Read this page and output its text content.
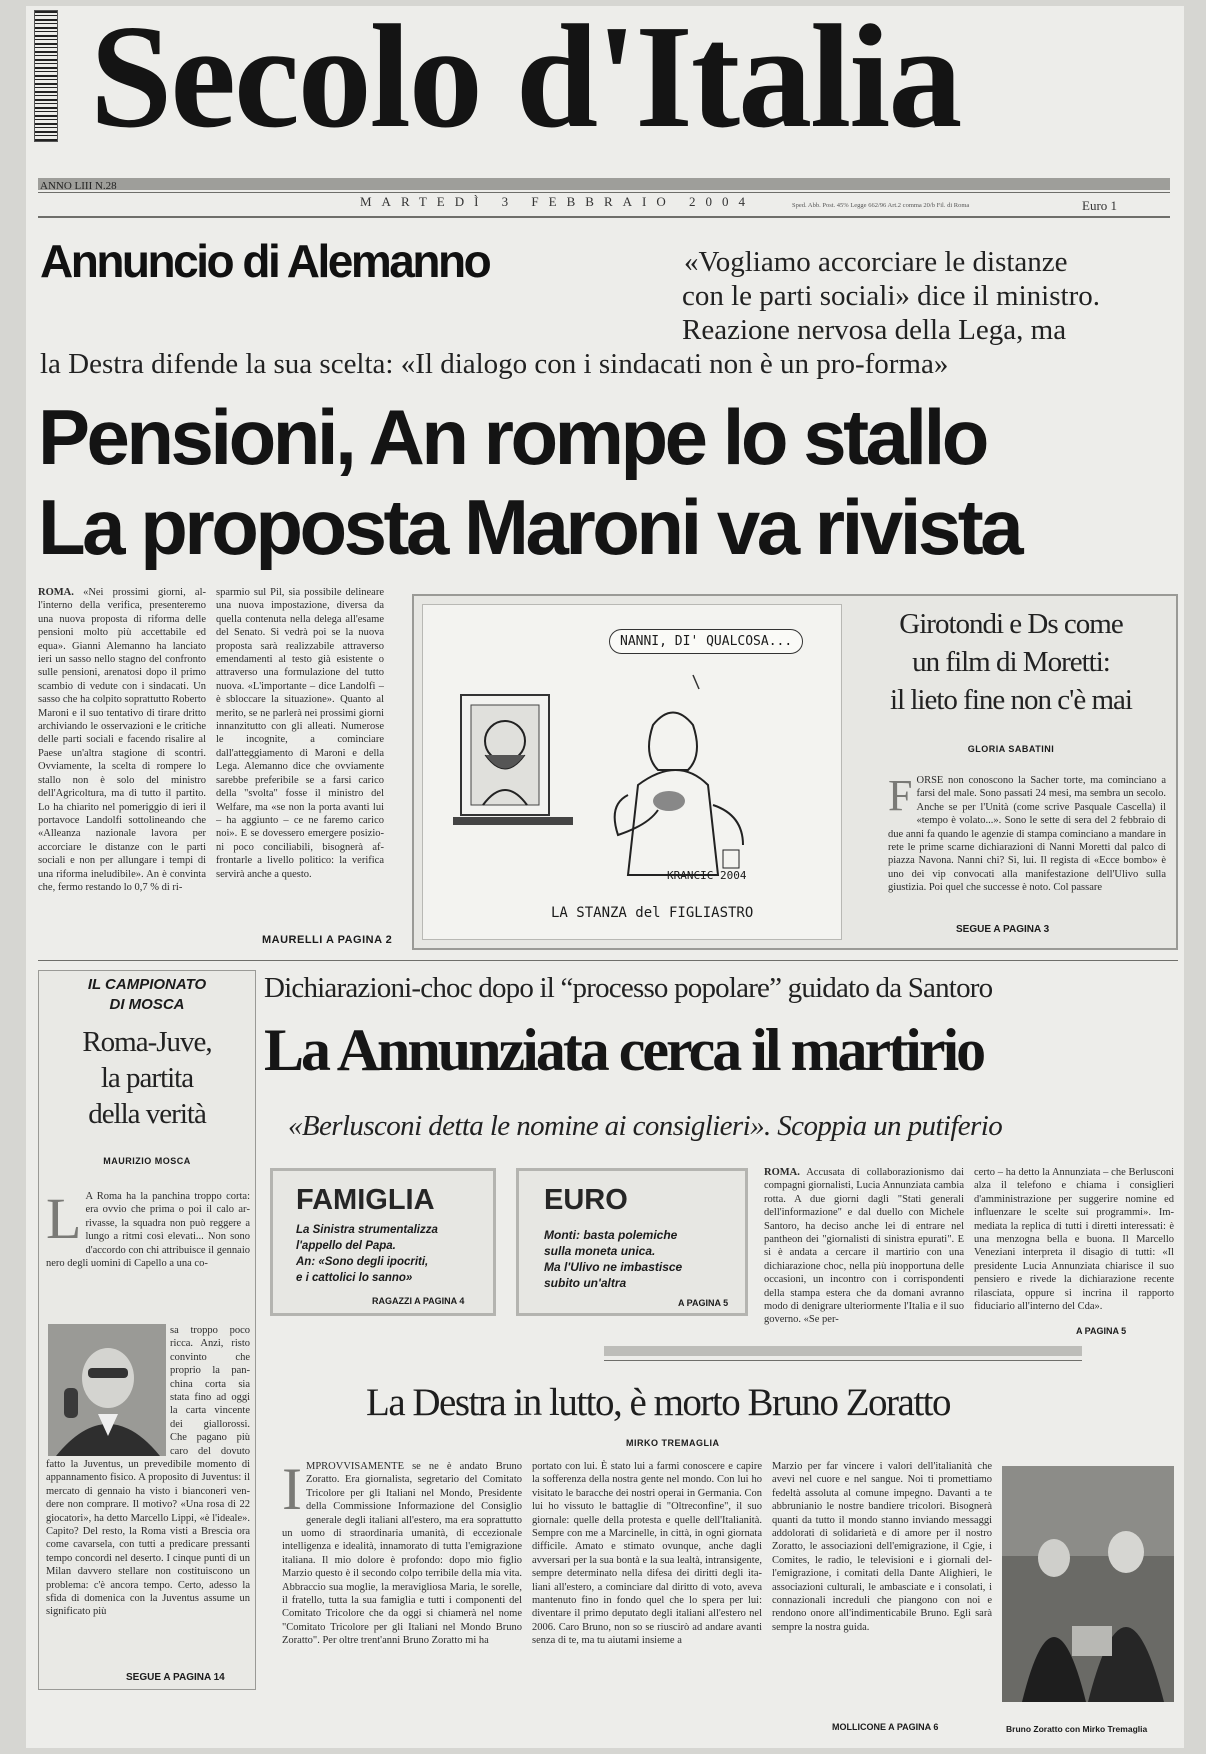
Secolo d'Italia
ANNO LIII N.28
MARTEDÌ 3 FEBBRAIO 2004	Sped. Abb. Post. 45% Legge 662/96 Art.2 comma 20/b Fil. di Roma	Euro 1
Annuncio di Alemanno	«Vogliamo accorciare le distanze
con le parti sociali» dice il ministro.
Reazione nervosa della Lega, ma
la Destra difende la sua scelta: «Il dialogo con i sindacati non è un pro-forma»
Pensioni, An rompe lo stallo
La proposta Maroni va rivista
ROMA. «Nei prossimi giorni, all'interno della verifica, presenteremo una nuova proposta di riforma delle pensioni molto più accettabile ed equa». Gianni Alemanno ha lanciato ieri un sasso nello stagno del confronto sulle pensioni, arenatosi dopo il primo scambio di vedute con i sindacati. Un sasso che ha colpito soprattutto Roberto Maroni e il suo tentativo di tirare dritto archiviando le osservazioni e le critiche delle parti sociali e facendo risalire al Paese un'altra stagione di scontri. Ovviamente, la scelta di rompere lo stallo non è solo del ministro dell'Agricoltura, ma di tutto il partito. Lo ha chiarito nel pomeriggio di ieri il portavoce Landolfi sottolineando che «Alleanza nazionale lavora per accorciare le distanze con le parti sociali e non per allungare i tempi di una riforma ineludibile». An è convinta che, fermo restando lo 0,7 % di ri-
sparmio sul Pil, sia possibile delineare una nuova impostazione, diversa da quella contenuta nella delega all'esame del Senato. Si vedrà poi se la nuova proposta sarà realizzabile attraverso emendamenti al testo già esistente o attraverso una formulazione del tutto nuova. «L'importante – dice Landolfi – è sbloccare la situazione». Quanto al merito, se ne parlerà nei prossimi giorni innanzitutto con gli alleati. Numerose le incognite, a cominciare dall'atteggiamento di Maroni e della Lega. Alemanno dice che ovviamente sarebbe preferibile se a farsi carico della "svolta" fosse il ministro del Welfare, ma «se non la porta avanti lui – ha aggiunto – ce ne faremo carico noi». E se dovessero emergere posizioni poco conciliabili, bisognerà affrontarle a livello politico: la verifica servirà anche a questo.
MAURELLI A PAGINA 2
NANNI, DI' QUALCOSA...
KRANCIC 2004
LA STANZA del FIGLIASTRO
Girotondi e Ds come
un film di Moretti:
il lieto fine non c'è mai
GLORIA SABATINI
FORSE non conoscono la Sacher torte, ma cominciano a farsi del male. Sono passati 24 mesi, ma sembra un secolo. Anche se per l'Unità (come scrive Pasquale Cascella) il «tempo è volato...». Sono le sette di sera del 2 febbraio di due anni fa quando le agenzie di stampa cominciano a mandare in rete le prime scarne dichiarazioni di Nanni Moretti dal palco di piazza Navona. Nanni chi? Sì, lui. Il regista di «Ecce bombo» è uno dei vip convocati alla manifestazione dell'Ulivo sulla giustizia. Poi quel che successe è noto. Col passare
SEGUE A PAGINA 3
IL CAMPIONATO
DI MOSCA
Roma-Juve,
la partita
della verità
MAURIZIO MOSCA
L A Roma ha la panchina troppo corta: era ovvio che prima o poi il calo arrivasse, la squadra non può reggere a lungo a ritmi così elevati... Non sono d'accordo con chi attribuisce il gennaio nero degli uomini di Capello a una co-
sa troppo poco ricca. Anzi, risto convinto che proprio la panchina corta sia stata fino ad oggi la carta vincente dei giallorossi. Che pagano più caro del dovuto
fatto la Juventus, un prevedibile momento di appannamento fisico. A proposito di Juventus: il mercato di gennaio ha visto i bianconeri vendere non comprare. Il motivo? «Una rosa di 22 giocatori», ha detto Marcello Lippi, «è l'ideale». Capito? Del resto, la Roma visti a Brescia ora come cavarsela, con tutti a predicare pressanti tempo concordi nel deserto. I cinque punti di un Milan davvero stellare non costituiscono un problema: c'è ancora tempo. Certo, adesso la sfida di domenica con la Juventus assume un significato più
SEGUE A PAGINA 14
Dichiarazioni-choc dopo il “processo popolare” guidato da Santoro
La Annunziata cerca il martirio
«Berlusconi detta le nomine ai consiglieri». Scoppia un putiferio
FAMIGLIA
La Sinistra strumentalizza
l'appello del Papa.
An: «Sono degli ipocriti,
e i cattolici lo sanno»
RAGAZZI A PAGINA 4
EURO
Monti: basta polemiche
sulla moneta unica.
Ma l'Ulivo ne imbastisce
subito un'altra
A PAGINA 5
ROMA. Accusata di collaborazionismo dai compagni giornalisti, Lucia Annunziata cambia rotta. A due giorni dagli "Stati generali dell'informazione" e dal duello con Michele Santoro, ha deciso anche lei di entrare nel pantheon dei "giornalisti di sinistra epurati". E si è andata a cercare il martirio con una dichiarazione choc, nella più inopportuna delle occasioni, un incontro con i corrispondenti della stampa estera che da domani avranno modo di denigrare ulteriormente l'Italia e il suo governo. «Se per-
certo – ha detto la Annunziata – che Berlusconi alza il telefono e chiama i consiglieri d'amministrazione per suggerire nomine ed influenzare le scelte sui programmi». Immediata la replica di tutti i diretti interessati: è una menzogna bella e buona. Il Marcello Veneziani interpreta il disagio di tutti: «Il presidente Lucia Annunziata chiarisce il suo pensiero e rivede la dichiarazione recente rilasciata, oppure si incrina il rapporto fiduciario all'interno del Cda».
A PAGINA 5
La Destra in lutto, è morto Bruno Zoratto
MIRKO TREMAGLIA
IMPROVVISAMENTE se ne è andato Bruno Zoratto. Era giornalista, segretario del Comitato Tricolore per gli Italiani nel Mondo, Presidente della Commissione Informazione del Consiglio generale degli italiani all'estero, ma era soprattutto un uomo di straordinaria umanità, di eccezionale intelligenza e idealità, innamorato di tutta l'emigrazione italiana. Il mio dolore è profondo: dopo mio figlio Marzio questo è il secondo colpo terribile della mia vita. Abbraccio sua moglie, la meravigliosa Maria, le sorelle, il fratello, tutta la sua famiglia e tutti i componenti del Comitato Tricolore che da oggi si chiamerà nel nome "Comitato Tricolore per gli Italiani nel Mondo Bruno Zoratto". Per oltre trent'anni Bruno Zoratto mi ha
portato con lui. È stato lui a farmi conoscere e capire la sofferenza della nostra gente nel mondo. Con lui ho visitato le baracche dei nostri operai in Germania. Con lui ho vissuto le battaglie di "Oltreconfine", il suo giornale: quelle della protesta e quelle dell'Italianità. Sempre con me a Marcinelle, in città, in ogni giornata difficile. Amato e stimato ovunque, anche dagli avversari per la sua bontà e la sua lealtà, intransigente, sempre determinato nella difesa dei diritti degli italiani all'estero, a cominciare dal diritto di voto, aveva mantenuto fino in fondo quel che lo spera per lui: diventare il primo deputato degli italiani all'estero nel 2006. Caro Bruno, non so se riuscirò ad andare avanti senza di te, ma tu aiutami insieme a
Marzio per far vincere i valori dell'italianità che avevi nel cuore e nel sangue. Noi ti promettiamo fedeltà assoluta al comune impegno. Davanti a te abbrunianio le nostre bandiere tricolori. Bisognerà quanti da tutto il mondo stanno inviando messaggi addolorati di solidarietà e di amore per il nostro Zoratto, le associazioni dell'emigrazione, il Cgie, i Comites, le radio, le televisioni e i giornali dell'emigrazione, i comitati della Dante Alighieri, le associazioni culturali, le ambasciate e i consolati, i connazionali increduli che piangono con noi e rendono onore all'indimenticabile Bruno. Egli sarà sempre la nostra guida.
MOLLICONE A PAGINA 6	Bruno Zoratto con Mirko Tremaglia
